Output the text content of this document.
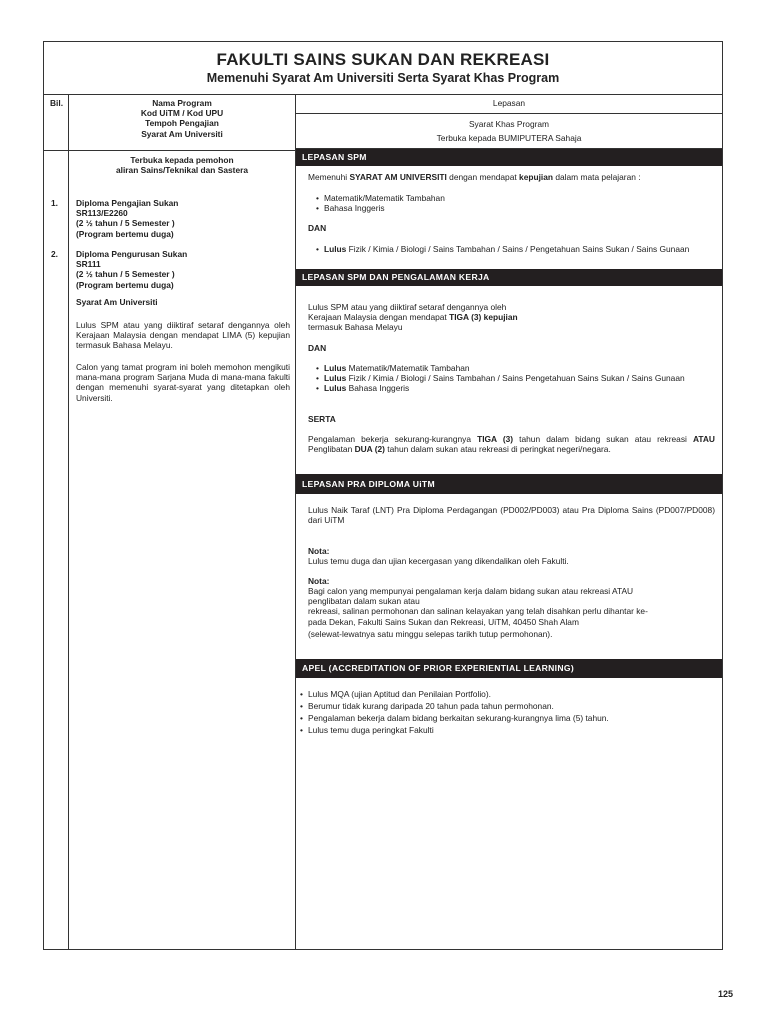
FAKULTI SAINS SUKAN DAN REKREASI
Memenuhi Syarat Am Universiti Serta Syarat Khas Program
Bil.	Nama Program
Kod UiTM / Kod UPU
Tempoh Pengajian
Syarat Am Universiti
Lepasan
Syarat Khas Program
Terbuka kepada BUMIPUTERA Sahaja
Terbuka kepada pemohon
aliran Sains/Teknikal dan Sastera
1. Diploma Pengajian Sukan
SR113/E2260
(2 ½ tahun / 5 Semester )
(Program bertemu duga)
2. Diploma Pengurusan Sukan
SR111
(2 ½ tahun / 5 Semester )
(Program bertemu duga)
Syarat Am Universiti
Lulus SPM atau yang diiktiraf setaraf dengannya oleh Kerajaan Malaysia dengan mendapat LIMA (5) kepujian termasuk Bahasa Melayu.
Calon yang tamat program ini boleh memohon mengikuti mana-mana program Sarjana Muda di mana-mana fakulti dengan memenuhi syarat-syarat yang ditetapkan oleh Universiti.
LEPASAN SPM
Memenuhi SYARAT AM UNIVERSITI dengan mendapat kepujian dalam mata pelajaran :
• Matematik/Matematik Tambahan
• Bahasa Inggeris
DAN
• Lulus Fizik / Kimia / Biologi / Sains Tambahan / Sains / Pengetahuan Sains Sukan / Sains Gunaan
LEPASAN SPM DAN PENGALAMAN KERJA
Lulus SPM atau yang diiktiraf setaraf dengannya oleh
Kerajaan Malaysia dengan mendapat TIGA (3) kepujian
termasuk Bahasa Melayu
DAN
• Lulus Matematik/Matematik Tambahan
• Lulus Fizik / Kimia / Biologi / Sains Tambahan / Sains Pengetahuan Sains Sukan / Sains Gunaan
• Lulus Bahasa Inggeris
SERTA
Pengalaman bekerja sekurang-kurangnya TIGA (3) tahun dalam bidang sukan atau rekreasi ATAU Penglibatan DUA (2) tahun dalam sukan atau rekreasi di peringkat negeri/negara.
LEPASAN PRA DIPLOMA UiTM
Lulus Naik Taraf (LNT) Pra Diploma Perdagangan (PD002/PD003) atau Pra Diploma Sains (PD007/PD008) dari UiTM
Nota:
Lulus temu duga dan ujian kecergasan yang dikendalikan oleh Fakulti.
Nota:
Bagi calon yang mempunyai pengalaman kerja dalam bidang sukan atau rekreasi ATAU
penglibatan dalam sukan atau
rekreasi, salinan permohonan dan salinan kelayakan yang telah disahkan perlu dihantar ke-
pada Dekan, Fakulti Sains Sukan dan Rekreasi, UiTM, 40450 Shah Alam
(selewat-lewatnya satu minggu selepas tarikh tutup permohonan).
APEL (ACCREDITATION OF PRIOR EXPERIENTIAL LEARNING)
• Lulus MQA (ujian Aptitud dan Penilaian Portfolio).
• Berumur tidak kurang daripada 20 tahun pada tahun permohonan.
• Pengalaman bekerja dalam bidang berkaitan sekurang-kurangnya lima (5) tahun.
• Lulus temu duga peringkat Fakulti
125
